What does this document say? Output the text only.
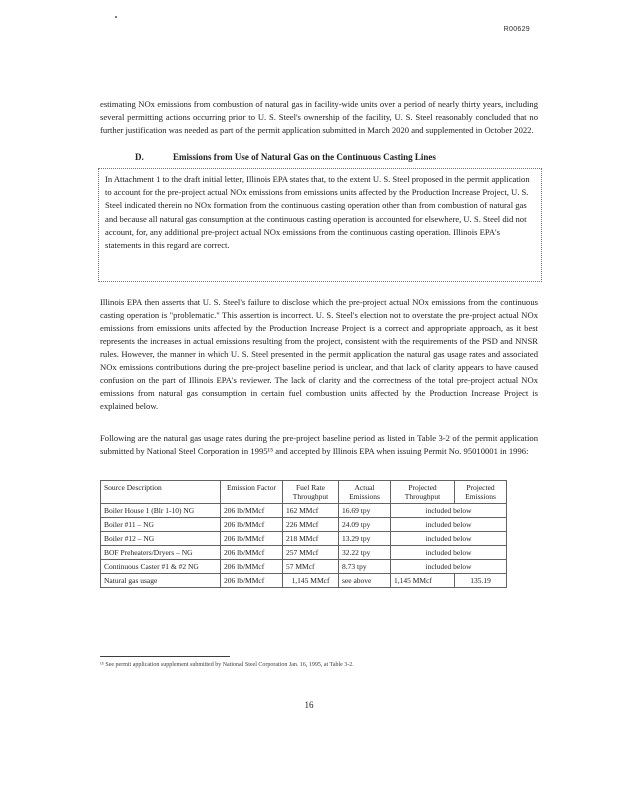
R00629

estimating NOx emissions from combustion of natural gas in facility-wide units over a period of nearly thirty years, including several permitting actions occurring prior to U. S. Steel's ownership of the facility, U. S. Steel reasonably concluded that no further justification was needed as part of the permit application submitted in March 2020 and supplemented in October 2022.

D.	Emissions from Use of Natural Gas on the Continuous Casting Lines

In Attachment 1 to the draft initial letter, Illinois EPA states that, to the extent U. S. Steel proposed in the permit application to account for the pre-project actual NOx emissions from emissions units affected by the Production Increase Project, U. S. Steel indicated therein no NOx formation from the continuous casting operation other than from combustion of natural gas and because all natural gas consumption at the continuous casting operation is accounted for elsewhere, U. S. Steel did not account, for, any additional pre-project actual NOx emissions from the continuous casting operation. Illinois EPA's statements in this regard are correct.

Illinois EPA then asserts that U. S. Steel's failure to disclose which the pre-project actual NOx emissions from the continuous casting operation is "problematic." This assertion is incorrect. U. S. Steel's election not to overstate the pre-project actual NOx emissions from emissions units affected by the Production Increase Project is a correct and appropriate approach, as it best represents the increases in actual emissions resulting from the project, consistent with the requirements of the PSD and NNSR rules. However, the manner in which U. S. Steel presented in the permit application the natural gas usage rates and associated NOx emissions contributions during the pre-project baseline period is unclear, and that lack of clarity appears to have caused confusion on the part of Illinois EPA's reviewer. The lack of clarity and the correctness of the total pre-project actual NOx emissions from natural gas consumption in certain fuel combustion units affected by the Production Increase Project is explained below.

Following are the natural gas usage rates during the pre-project baseline period as listed in Table 3-2 of the permit application submitted by National Steel Corporation in 1995¹⁵ and accepted by Illinois EPA when issuing Permit No. 95010001 in 1996:

Source Description	Emission Factor	Fuel Rate Throughput	Actual Emissions	Projected Throughput	Projected Emissions
Boiler House 1 (Blr 1-10) NG	206 lb/MMcf	162 MMcf	16.69 tpy	included below	
Boiler #11 – NG	206 lb/MMcf	226 MMcf	24.09 tpy	included below	
Boiler #12 – NG	206 lb/MMcf	218 MMcf	13.29 tpy	included below	
BOF Preheaters/Dryers – NG	206 lb/MMcf	257 MMcf	32.22 tpy	included below	
Continuous Caster #1 & #2 NG	206 lb/MMcf	57 MMcf	8.73 tpy	included below	
Natural gas usage	206 lb/MMcf	1,145 MMcf	see above	1,145 MMcf	135.19
¹⁵ See permit application supplement submitted by National Steel Corporation Jan. 16, 1995, at Table 3-2.
16
